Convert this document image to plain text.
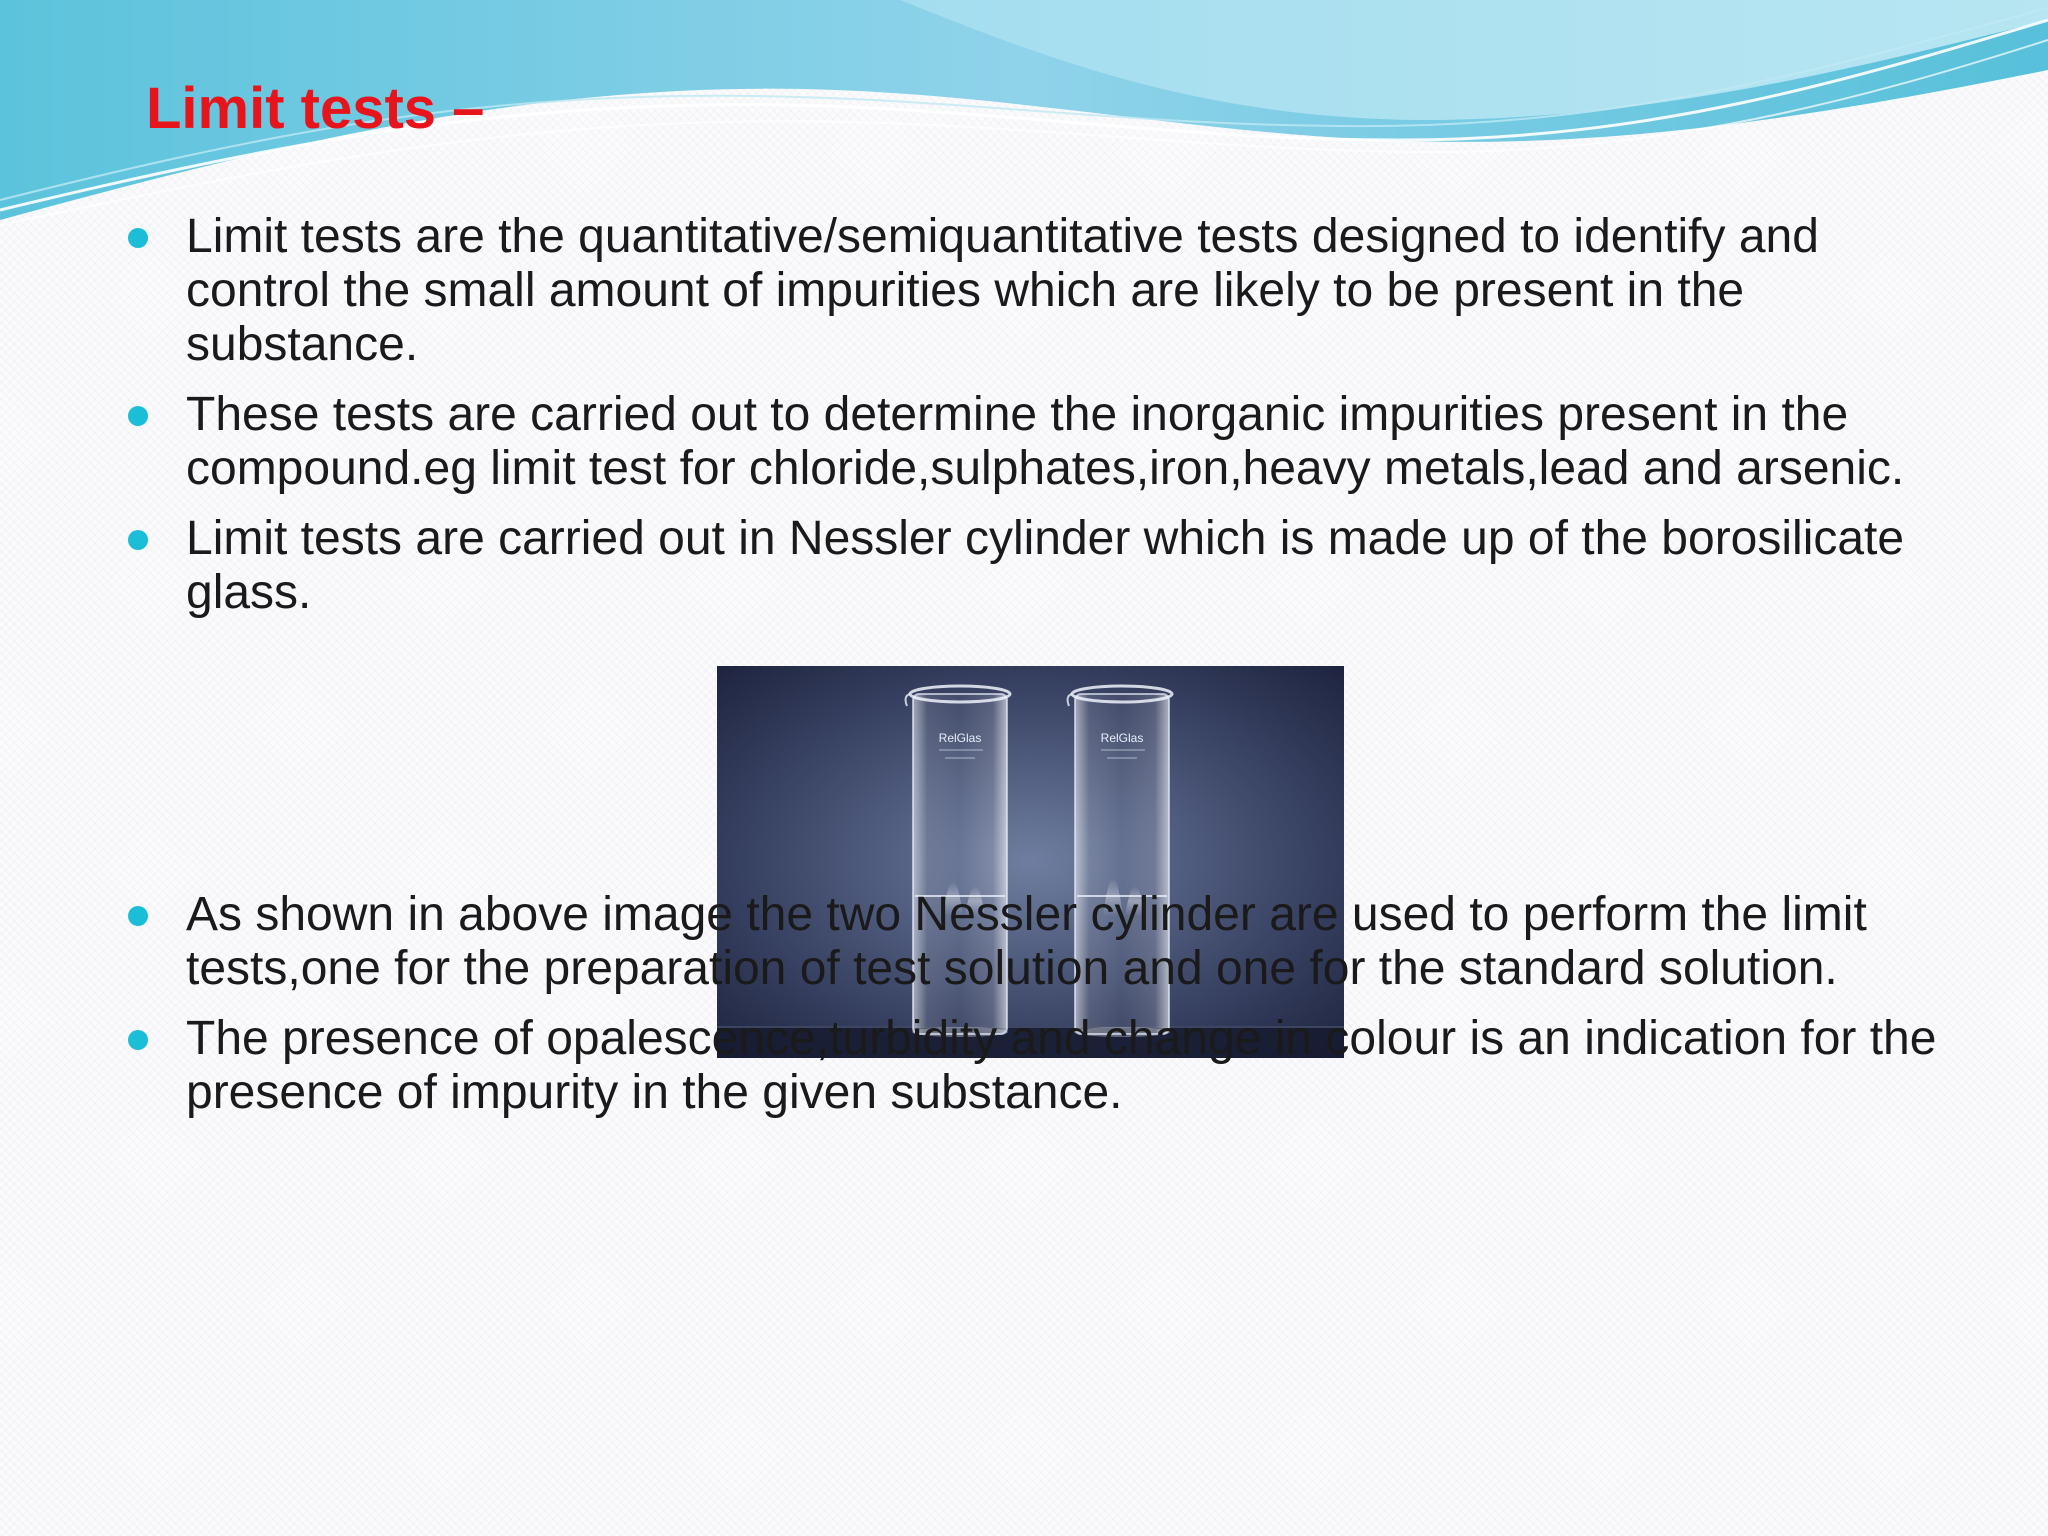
Limit tests –
Limit tests are the quantitative/semiquantitative tests designed to identify and control the small amount of impurities which are likely to be present in the substance.
These tests are carried out to determine the inorganic impurities present in the compound.eg limit test for chloride,sulphates,iron,heavy metals,lead and arsenic.
Limit tests are carried out in Nessler cylinder which is made up of the borosilicate glass.
RelGlas	RelGlas
As shown in above image the two Nessler cylinder are used to perform the limit tests,one for the preparation of test solution and one for the standard solution.
The presence of opalescence,turbidity and change in colour is an indication for the presence of impurity in the given substance.
